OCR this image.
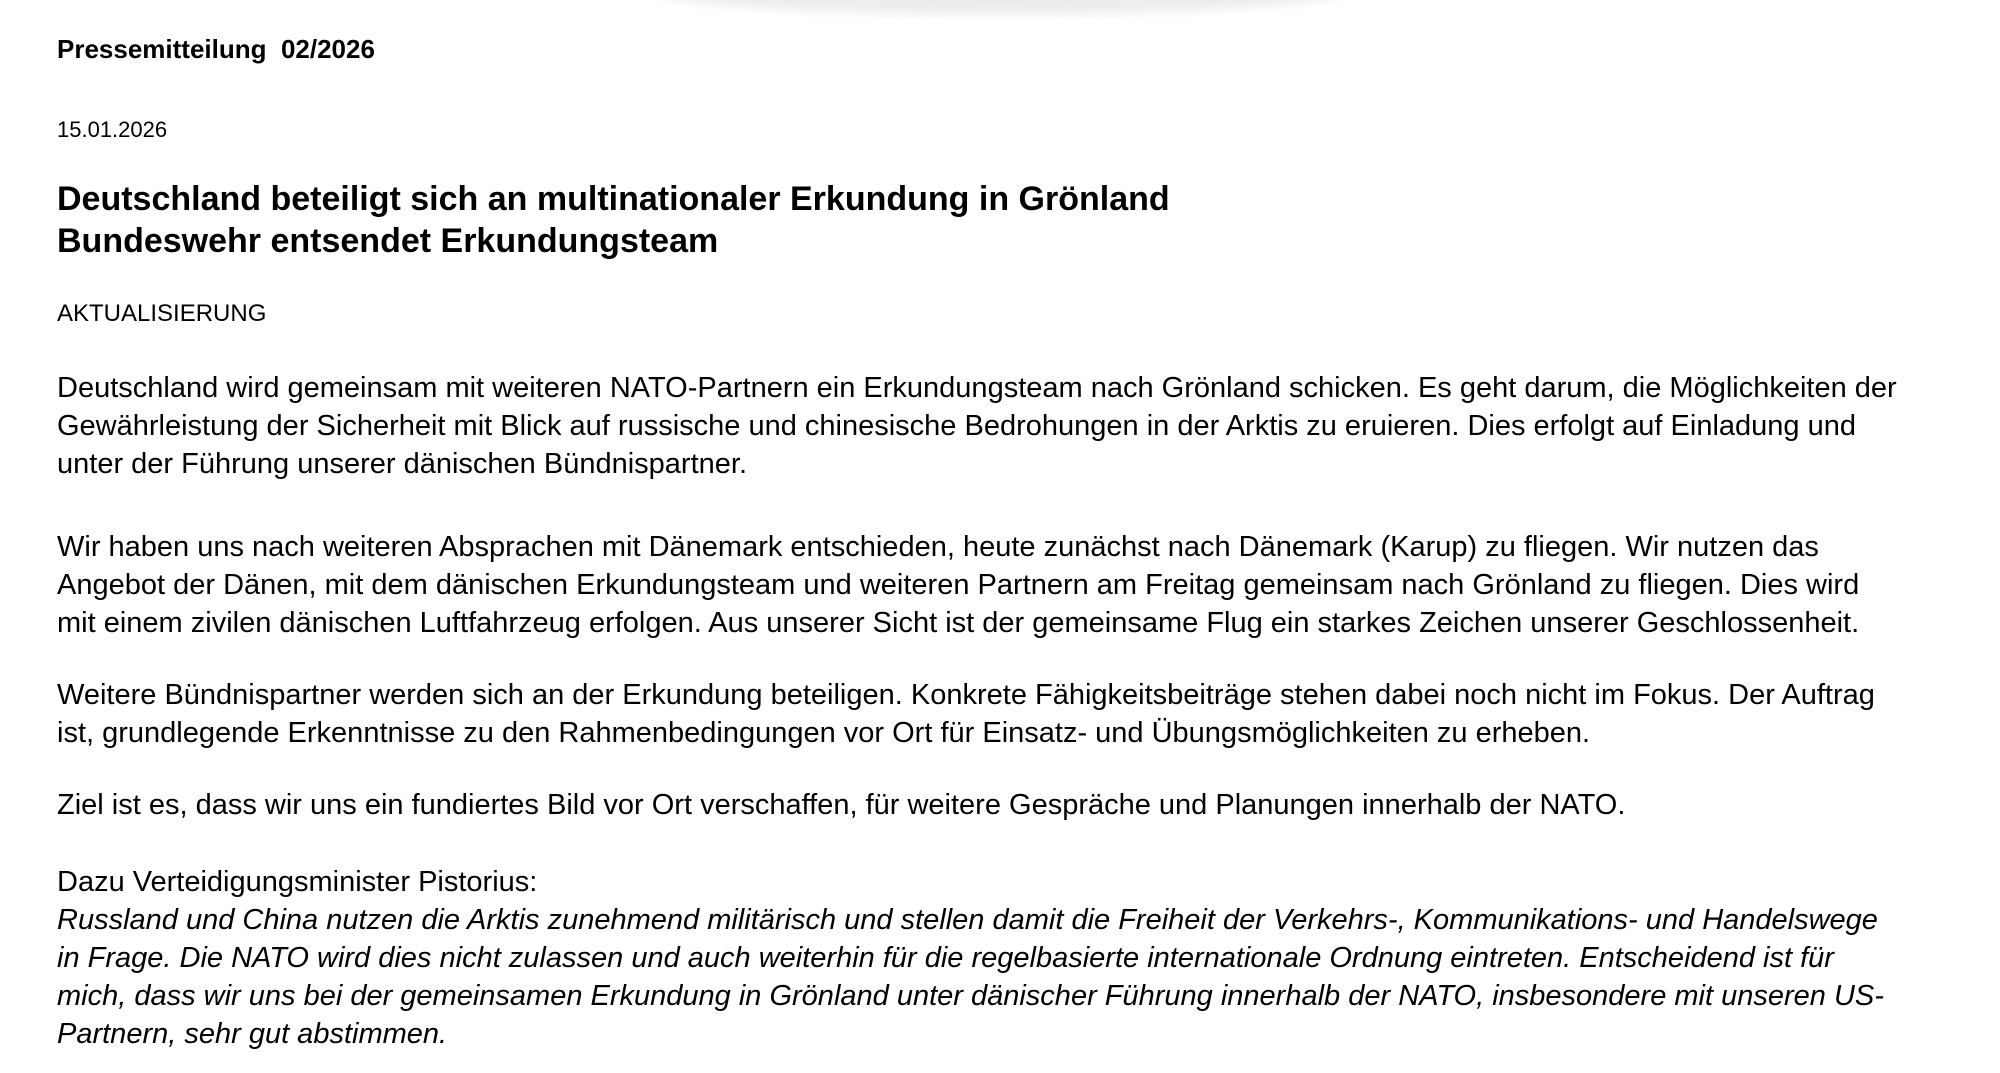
Pressemitteilung  02/2026
15.01.2026
Deutschland beteiligt sich an multinationaler Erkundung in Grönland
Bundeswehr entsendet Erkundungsteam
AKTUALISIERUNG
Deutschland wird gemeinsam mit weiteren NATO-Partnern ein Erkundungsteam nach Grönland schicken. Es geht darum, die Möglichkeiten der
Gewährleistung der Sicherheit mit Blick auf russische und chinesische Bedrohungen in der Arktis zu eruieren. Dies erfolgt auf Einladung und
unter der Führung unserer dänischen Bündnispartner.
Wir haben uns nach weiteren Absprachen mit Dänemark entschieden, heute zunächst nach Dänemark (Karup) zu fliegen. Wir nutzen das
Angebot der Dänen, mit dem dänischen Erkundungsteam und weiteren Partnern am Freitag gemeinsam nach Grönland zu fliegen. Dies wird
mit einem zivilen dänischen Luftfahrzeug erfolgen. Aus unserer Sicht ist der gemeinsame Flug ein starkes Zeichen unserer Geschlossenheit.
Weitere Bündnispartner werden sich an der Erkundung beteiligen. Konkrete Fähigkeitsbeiträge stehen dabei noch nicht im Fokus. Der Auftrag
ist, grundlegende Erkenntnisse zu den Rahmenbedingungen vor Ort für Einsatz- und Übungsmöglichkeiten zu erheben.
Ziel ist es, dass wir uns ein fundiertes Bild vor Ort verschaffen, für weitere Gespräche und Planungen innerhalb der NATO.
Dazu Verteidigungsminister Pistorius:
Russland und China nutzen die Arktis zunehmend militärisch und stellen damit die Freiheit der Verkehrs-, Kommunikations- und Handelswege
in Frage. Die NATO wird dies nicht zulassen und auch weiterhin für die regelbasierte internationale Ordnung eintreten. Entscheidend ist für
mich, dass wir uns bei der gemeinsamen Erkundung in Grönland unter dänischer Führung innerhalb der NATO, insbesondere mit unseren US-
Partnern, sehr gut abstimmen.
